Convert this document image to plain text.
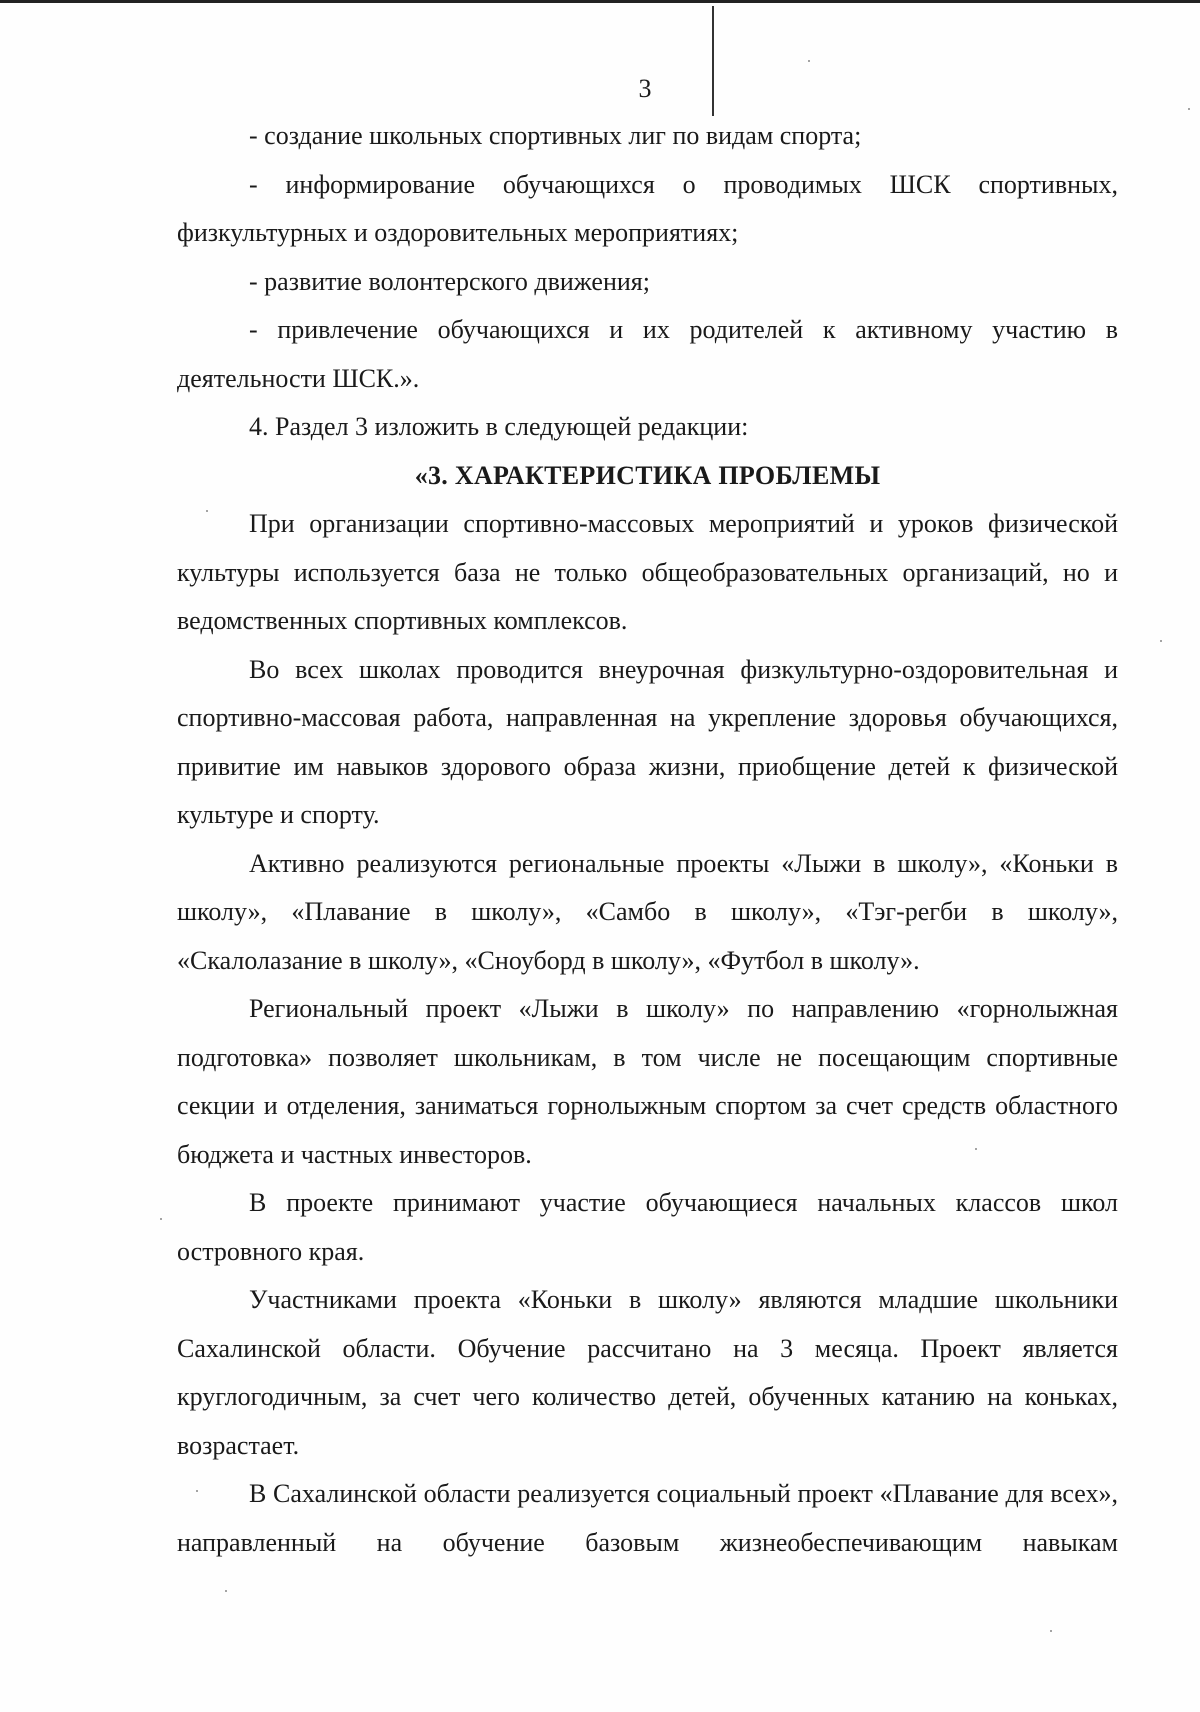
3

- создание школьных спортивных лиг по видам спорта;

- информирование обучающихся о проводимых ШСК спортивных, физкультурных и оздоровительных мероприятиях;

- развитие волонтерского движения;

- привлечение обучающихся и их родителей к активному участию в деятельности ШСК.».

4. Раздел 3 изложить в следующей редакции:

«3. ХАРАКТЕРИСТИКА ПРОБЛЕМЫ

При организации спортивно-массовых мероприятий и уроков физической культуры используется база не только общеобразовательных организаций, но и ведомственных спортивных комплексов.

Во всех школах проводится внеурочная физкультурно-оздоровительная и спортивно-массовая работа, направленная на укрепление здоровья обучающихся, привитие им навыков здорового образа жизни, приобщение детей к физической культуре и спорту.

Активно реализуются региональные проекты «Лыжи в школу», «Коньки в школу», «Плавание в школу», «Самбо в школу», «Тэг-регби в школу», «Скалолазание в школу», «Сноуборд в школу», «Футбол в школу».

Региональный проект «Лыжи в школу» по направлению «горнолыжная подготовка» позволяет школьникам, в том числе не посещающим спортивные секции и отделения, заниматься горнолыжным спортом за счет средств областного бюджета и частных инвесторов.

В проекте принимают участие обучающиеся начальных классов школ островного края.

Участниками проекта «Коньки в школу» являются младшие школьники Сахалинской области. Обучение рассчитано на 3 месяца. Проект является круглогодичным, за счет чего количество детей, обученных катанию на коньках, возрастает.

В Сахалинской области реализуется социальный проект «Плавание для всех», направленный на обучение базовым жизнеобеспечивающим навыкам
